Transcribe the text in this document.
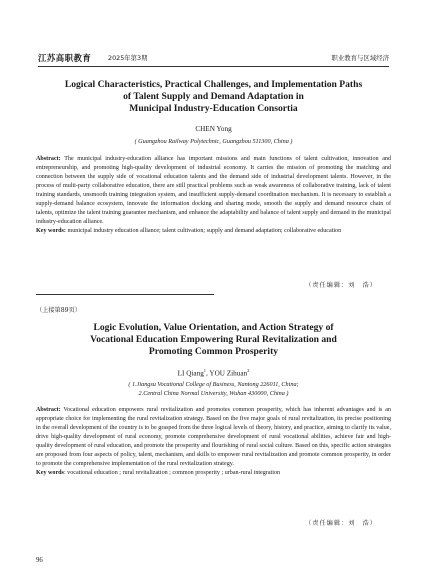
江苏高职教育	2025年第3期	职业教育与区域经济
Logical Characteristics, Practical Challenges, and Implementation Paths
of Talent Supply and Demand Adaptation in
Municipal Industry-Education Consortia
CHEN Yong
( Guangzhou Railway Polytechnic, Guangzhou 511300, China )
Abstract: The municipal industry-education alliance has important missions and main functions of talent cultivation, innovation and entrepreneurship, and promoting high-quality development of industrial economy. It carries the mission of promoting the matching and connection between the supply side of vocational education talents and the demand side of industrial development talents. However, in the process of multi-party collaborative education, there are still practical problems such as weak awareness of collaborative training, lack of talent training standards, unsmooth training integration system, and insufficient supply-demand coordination mechanism. It is necessary to establish a supply-demand balance ecosystem, innovate the information docking and sharing mode, smooth the supply and demand resource chain of talents, optimize the talent training guarantee mechanism, and enhance the adaptability and balance of talent supply and demand in the municipal industry-education alliance.
Key words: municipal industry education alliance; talent cultivation; supply and demand adaptation; collaborative education
（责任编辑：刘　浩）
（上接第89页）
Logic Evolution, Value Orientation, and Action Strategy of
Vocational Education Empowering Rural Revitalization and
Promoting Common Prosperity
LI Qiang$^1$, YOU Zihuan$^2$
( 1.Jiangsu Vocational College of Business, Nantong 226011, China;
2.Central China Normal University, Wuhan 430000, China )
Abstract: Vocational education empowers rural revitalization and promotes common prosperity, which has inherent advantages and is an appropriate choice for implementing the rural revitalization strategy. Based on the five major goals of rural revitalization, its precise positioning in the overall development of the country is to be grasped from the three logical levels of theory, history, and practice, aiming to clarify its value, drive high-quality development of rural economy, promote comprehensive development of rural vocational abilities, achieve fair and high-quality development of rural education, and promote the prosperity and flourishing of rural social culture. Based on this, specific action strategies are proposed from four aspects of policy, talent, mechanism, and skills to empower rural revitalization and promote common prosperity, in order to promote the comprehensive implementation of the rural revitalization strategy.
Key words: vocational education ; rural revitalization ; common prosperity ; urban-rural integration
（责任编辑：刘　浩）
96
